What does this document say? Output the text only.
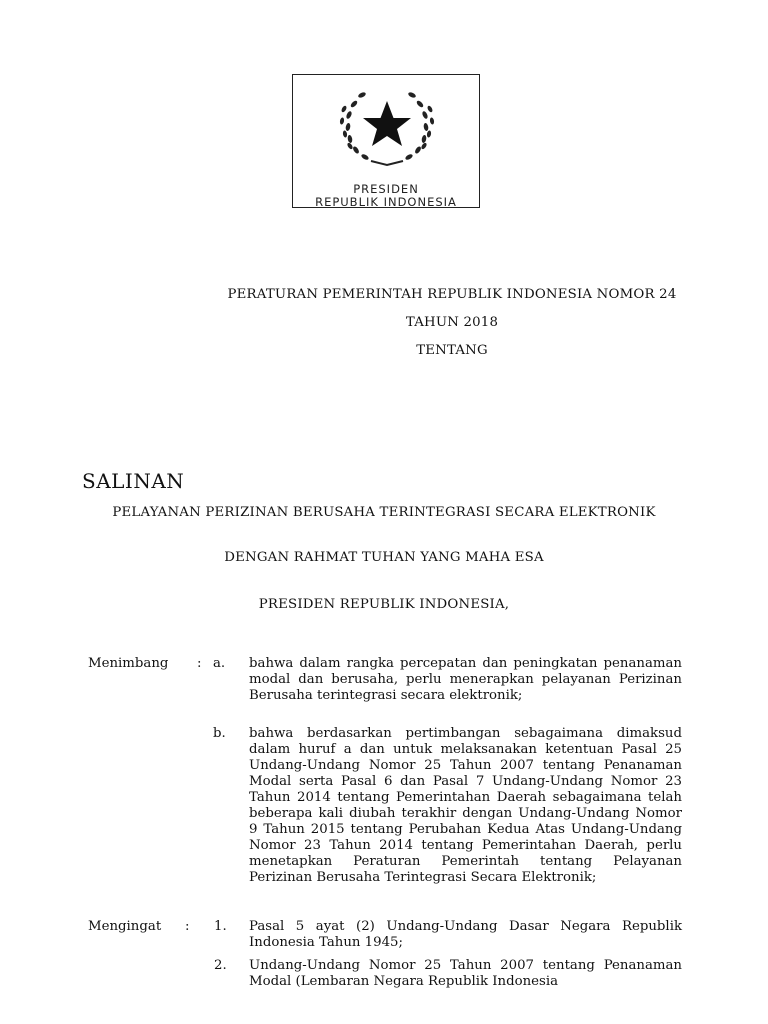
PRESIDEN
REPUBLIK INDONESIA
PERATURAN PEMERINTAH REPUBLIK INDONESIA NOMOR 24
TAHUN 2018
TENTANG
SALINAN
PELAYANAN PERIZINAN BERUSAHA TERINTEGRASI SECARA ELEKTRONIK
DENGAN RAHMAT TUHAN YANG MAHA ESA
PRESIDEN REPUBLIK INDONESIA,
Menimbang : a. bahwa dalam rangka percepatan dan peningkatan penanaman modal dan berusaha, perlu menerapkan pelayanan Perizinan Berusaha terintegrasi secara elektronik;
b. bahwa berdasarkan pertimbangan sebagaimana dimaksud dalam huruf a dan untuk melaksanakan ketentuan Pasal 25 Undang-Undang Nomor 25 Tahun 2007 tentang Penanaman Modal serta Pasal 6 dan Pasal 7 Undang-Undang Nomor 23 Tahun 2014 tentang Pemerintahan Daerah sebagaimana telah beberapa kali diubah terakhir dengan Undang-Undang Nomor 9 Tahun 2015 tentang Perubahan Kedua Atas Undang-Undang Nomor 23 Tahun 2014 tentang Pemerintahan Daerah, perlu menetapkan Peraturan Pemerintah tentang Pelayanan Perizinan Berusaha Terintegrasi Secara Elektronik;
Mengingat : 1. Pasal 5 ayat (2) Undang-Undang Dasar Negara Republik Indonesia Tahun 1945;
2. Undang-Undang Nomor 25 Tahun 2007 tentang Penanaman Modal (Lembaran Negara Republik Indonesia
